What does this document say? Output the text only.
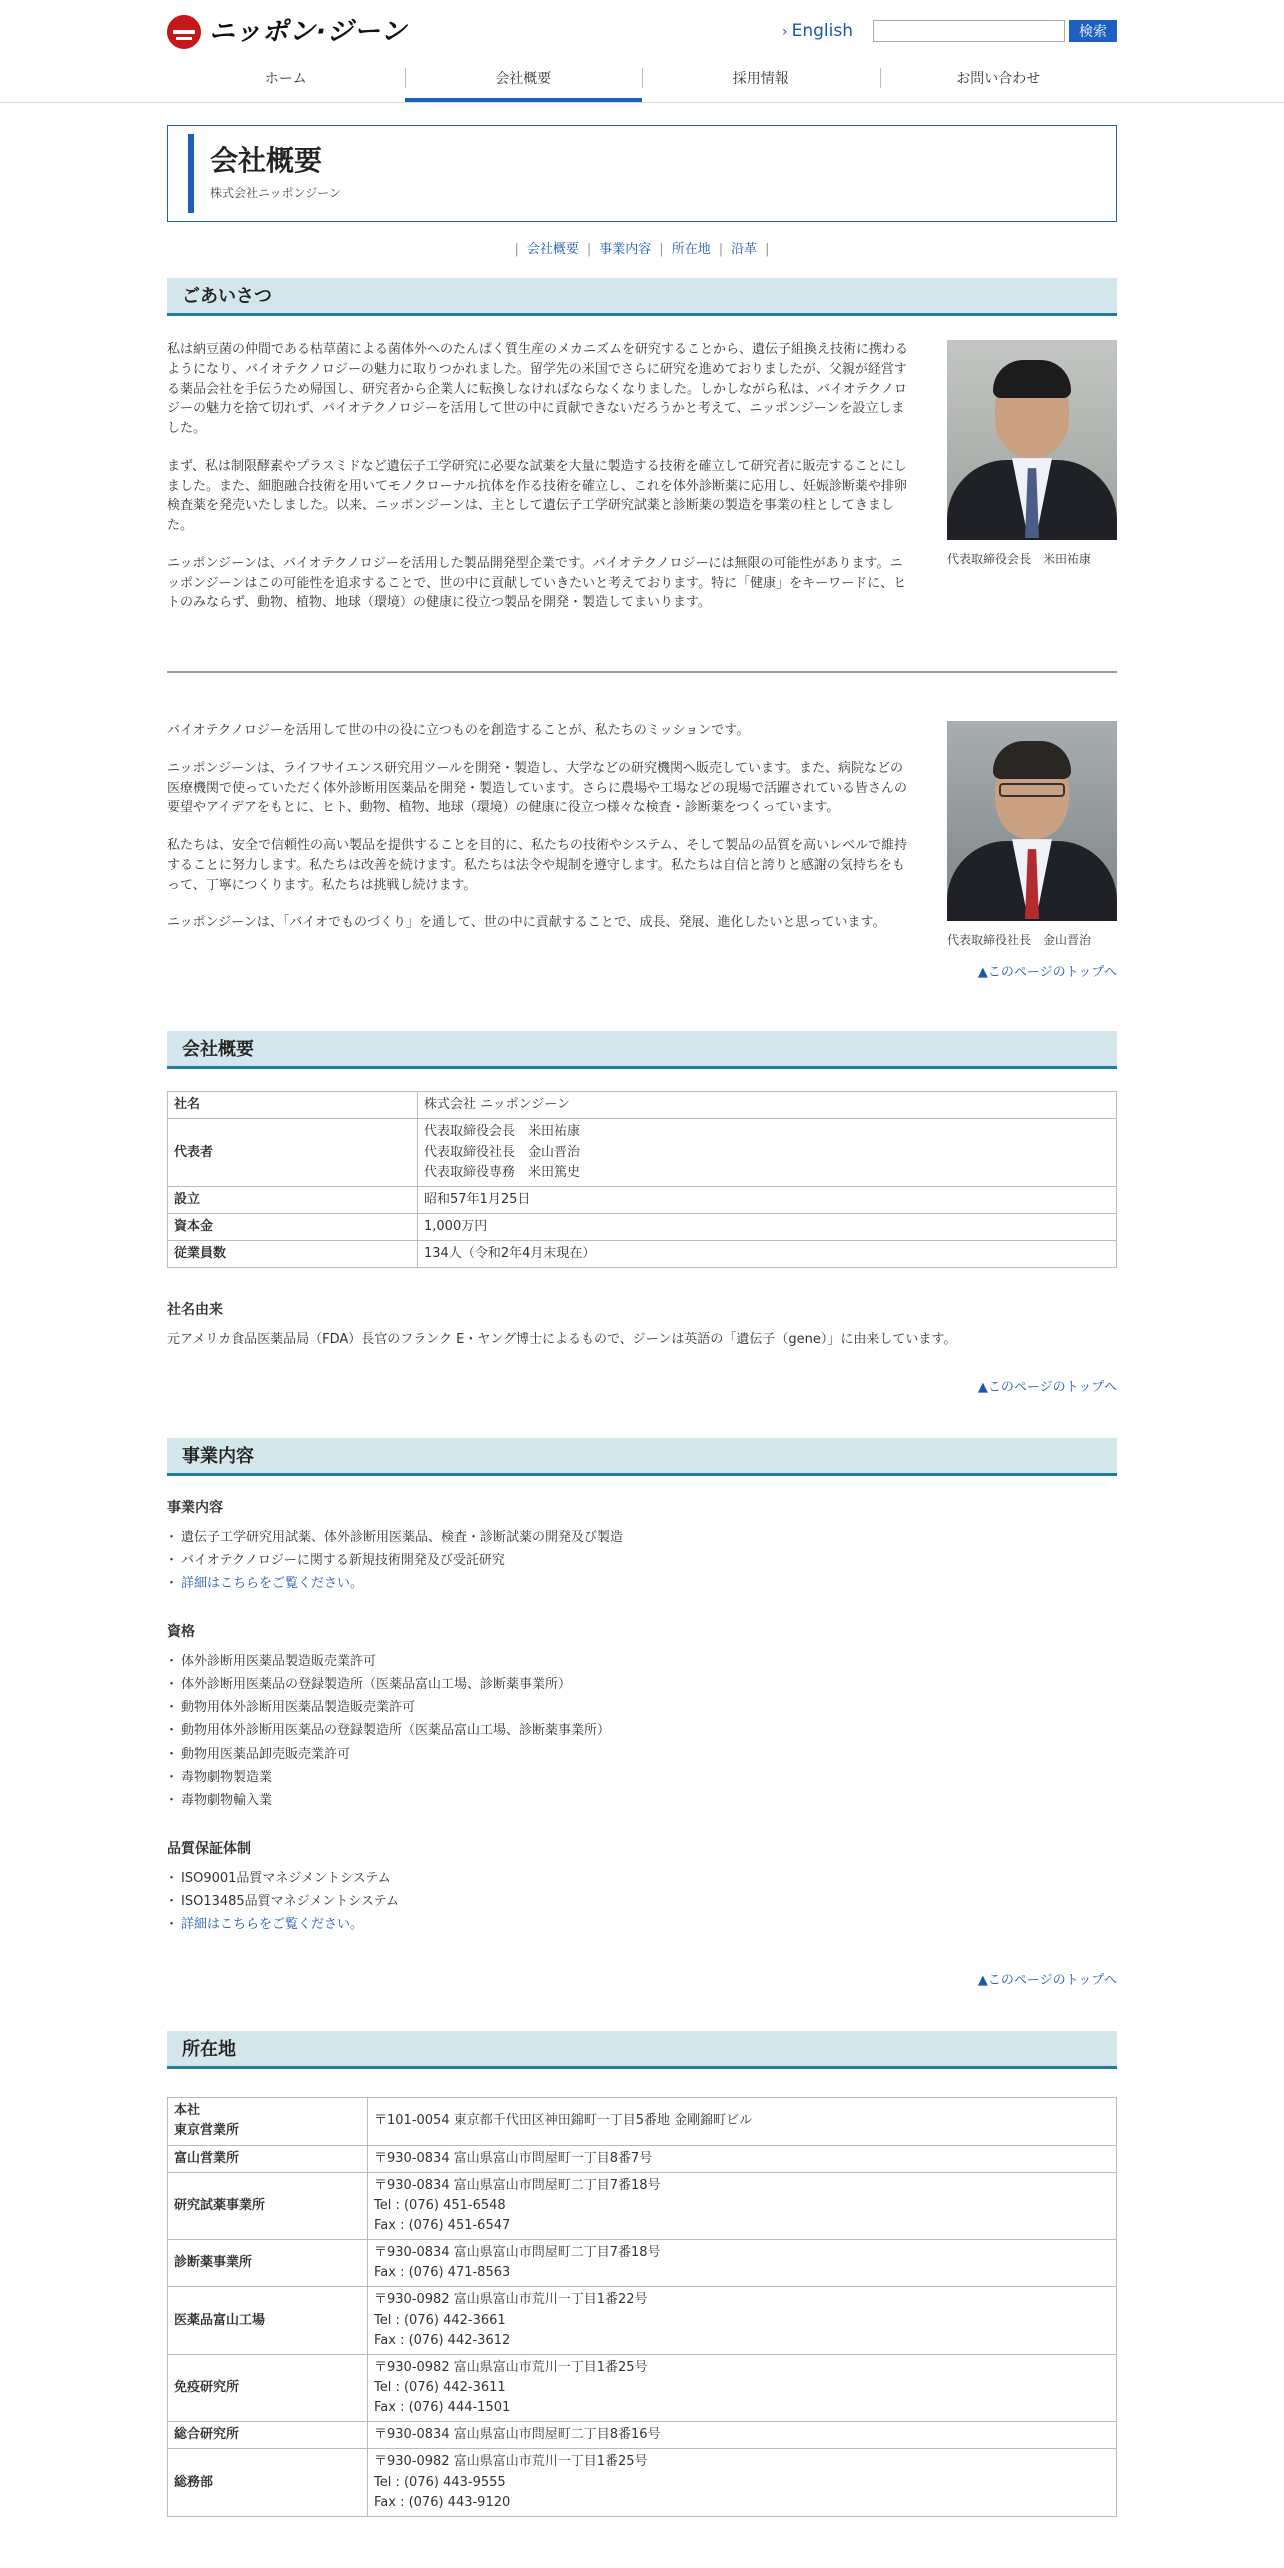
ニッポン·ジーン	› English	検索
ホーム	会社概要	採用情報	お問い合わせ
会社概要
株式会社ニッポンジーン
| 会社概要 | 事業内容 | 所在地 | 沿革 |
ごあいさつ

私は納豆菌の仲間である枯草菌による菌体外へのたんぱく質生産のメカニズムを研究することから、遺伝子組換え技術に携わるようになり、バイオテクノロジーの魅力に取りつかれました。留学先の米国でさらに研究を進めておりましたが、父親が経営する薬品会社を手伝うため帰国し、研究者から企業人に転換しなければならなくなりました。しかしながら私は、バイオテクノロジーの魅力を捨て切れず、バイオテクノロジーを活用して世の中に貢献できないだろうかと考えて、ニッポンジーンを設立しました。

まず、私は制限酵素やプラスミドなど遺伝子工学研究に必要な試薬を大量に製造する技術を確立して研究者に販売することにしました。また、細胞融合技術を用いてモノクローナル抗体を作る技術を確立し、これを体外診断薬に応用し、妊娠診断薬や排卵検査薬を発売いたしました。以来、ニッポンジーンは、主として遺伝子工学研究試薬と診断薬の製造を事業の柱としてきました。

ニッポンジーンは、バイオテクノロジーを活用した製品開発型企業です。バイオテクノロジーには無限の可能性があります。ニッポンジーンはこの可能性を追求することで、世の中に貢献していきたいと考えております。特に「健康」をキーワードに、ヒトのみならず、動物、植物、地球（環境）の健康に役立つ製品を開発・製造してまいります。

代表取締役会長　米田祐康

バイオテクノロジーを活用して世の中の役に立つものを創造することが、私たちのミッションです。

ニッポンジーンは、ライフサイエンス研究用ツールを開発・製造し、大学などの研究機関へ販売しています。また、病院などの医療機関で使っていただく体外診断用医薬品を開発・製造しています。さらに農場や工場などの現場で活躍されている皆さんの要望やアイデアをもとに、ヒト、動物、植物、地球（環境）の健康に役立つ様々な検査・診断薬をつくっています。

私たちは、安全で信頼性の高い製品を提供することを目的に、私たちの技術やシステム、そして製品の品質を高いレベルで維持することに努力します。私たちは改善を続けます。私たちは法令や規制を遵守します。私たちは自信と誇りと感謝の気持ちをもって、丁寧につくります。私たちは挑戦し続けます。

ニッポンジーンは、「バイオでものづくり」を通して、世の中に貢献することで、成長、発展、進化したいと思っています。

代表取締役社長　金山晋治
▲このページのトップへ
会社概要
社名	株式会社 ニッポンジーン
代表者	代表取締役会長　米田祐康
代表取締役社長　金山晋治
代表取締役専務　米田篤史

設立	昭和57年1月25日
資本金	1,000万円
従業員数	134人（令和2年4月末現在）
社名由来

元アメリカ食品医薬品局（FDA）長官のフランク E・ヤング博士によるもので、ジーンは英語の「遺伝子（gene）」に由来しています。

▲このページのトップへ
事業内容
事業内容
・ 遺伝子工学研究用試薬、体外診断用医薬品、検査・診断試薬の開発及び製造
・ バイオテクノロジーに関する新規技術開発及び受託研究
・ 詳細はこちらをご覧ください。
資格
・ 体外診断用医薬品製造販売業許可
・ 体外診断用医薬品の登録製造所（医薬品富山工場、診断薬事業所）
・ 動物用体外診断用医薬品製造販売業許可
・ 動物用体外診断用医薬品の登録製造所（医薬品富山工場、診断薬事業所）
・ 動物用医薬品卸売販売業許可
・ 毒物劇物製造業
・ 毒物劇物輸入業
品質保証体制
・ ISO9001品質マネジメントシステム
・ ISO13485品質マネジメントシステム
・ 詳細はこちらをご覧ください。
▲このページのトップへ
所在地
本社
東京営業所	〒101-0054 東京都千代田区神田錦町一丁目5番地 金剛錦町ビル
富山営業所	〒930-0834 富山県富山市問屋町一丁目8番7号
研究試薬事業所	〒930-0834 富山県富山市問屋町二丁目7番18号
Tel : (076) 451-6548
Fax : (076) 451-6547

診断薬事業所	〒930-0834 富山県富山市問屋町二丁目7番18号
Fax : (076) 471-8563

医薬品富山工場	〒930-0982 富山県富山市荒川一丁目1番22号
Tel : (076) 442-3661
Fax : (076) 442-3612

免疫研究所	〒930-0982 富山県富山市荒川一丁目1番25号
Tel : (076) 442-3611
Fax : (076) 444-1501

総合研究所	〒930-0834 富山県富山市問屋町二丁目8番16号
総務部	〒930-0982 富山県富山市荒川一丁目1番25号
Tel : (076) 443-9555
Fax : (076) 443-9120
